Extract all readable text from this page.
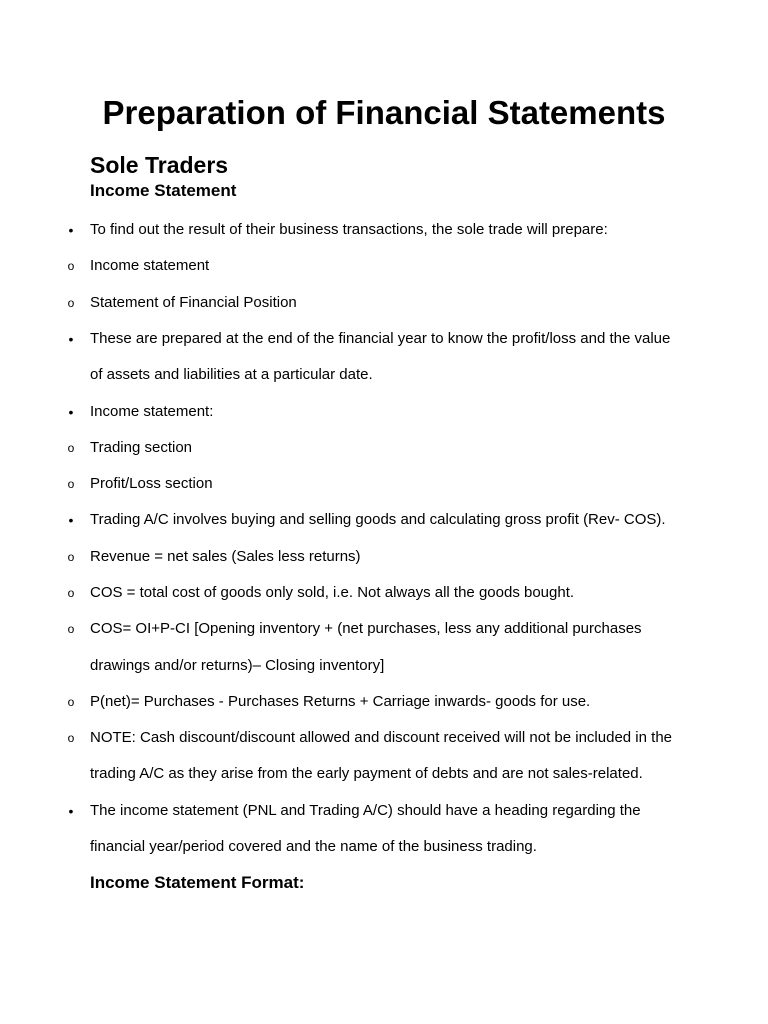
Preparation of Financial Statements
Sole Traders
Income Statement
•	To find out the result of their business transactions, the sole trade will prepare:
o Income statement
o Statement of Financial Position
•	These are prepared at the end of the financial year to know the profit/loss and the value
of assets and liabilities at a particular date.
•	Income statement:
o Trading section
o Profit/Loss section
•	Trading A/C involves buying and selling goods and calculating gross profit (Rev- COS).
o Revenue = net sales (Sales less returns)
o COS = total cost of goods only sold, i.e. Not always all the goods bought.
o COS= OI+P-CI [Opening inventory + (net purchases, less any additional purchases
drawings and/or returns)– Closing inventory]
o P(net)= Purchases - Purchases Returns + Carriage inwards- goods for use.
o NOTE: Cash discount/discount allowed and discount received will not be included in the
trading A/C as they arise from the early payment of debts and are not sales-related.
•	The income statement (PNL and Trading A/C) should have a heading regarding the
financial year/period covered and the name of the business trading.
Income Statement Format:
